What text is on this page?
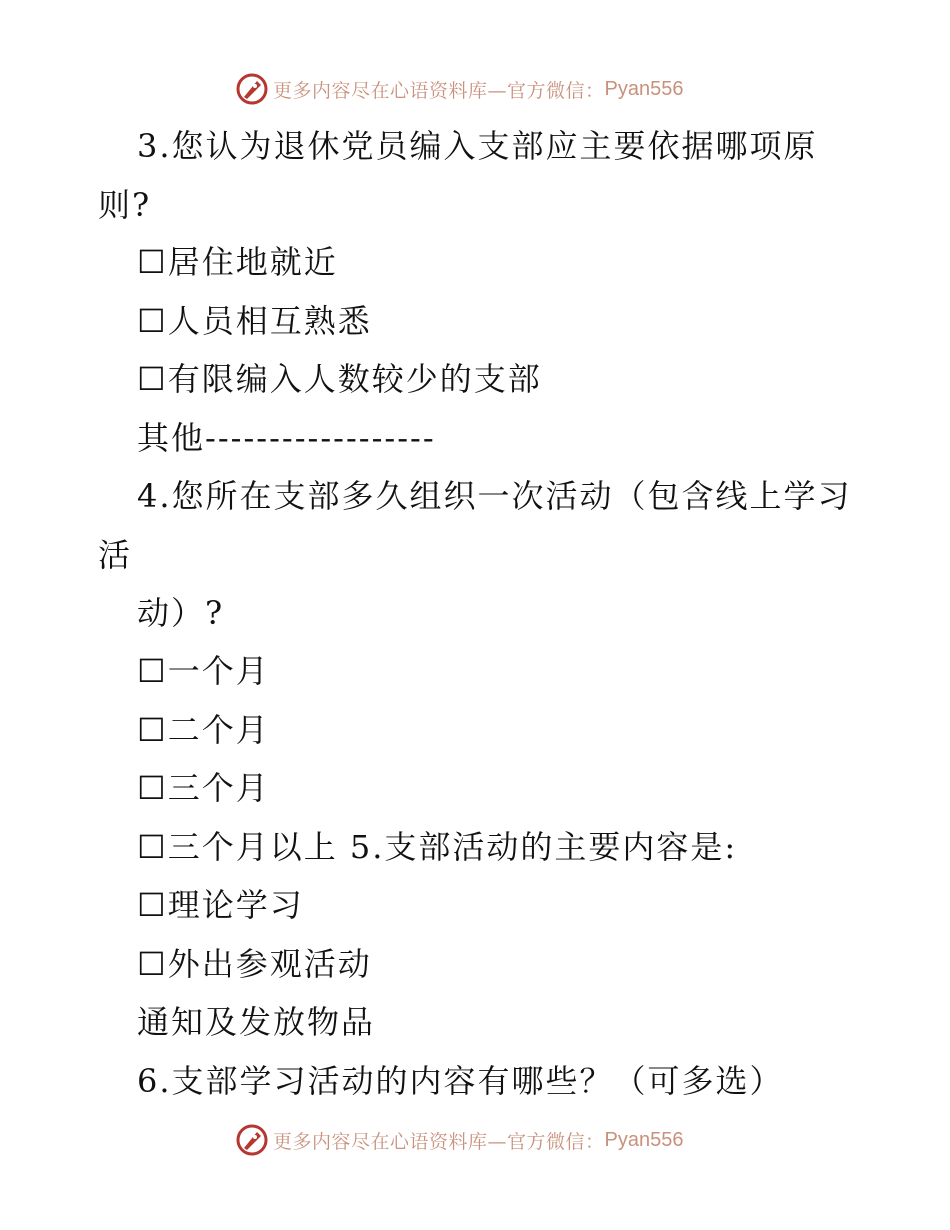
更多内容尽在心语资料库—官方微信： Pyan556
3.您认为退休党员编入支部应主要依据哪项原
则?
☐居住地就近
☐人员相互熟悉
☐有限编入人数较少的支部
其他------------------
4.您所在支部多久组织一次活动（包含线上学习
活
动）?
☐一个月
☐二个月
☐三个月
☐三个月以上 5.支部活动的主要内容是:
☐理论学习
☐外出参观活动
通知及发放物品
6.支部学习活动的内容有哪些？（可多选）
更多内容尽在心语资料库—官方微信： Pyan556
